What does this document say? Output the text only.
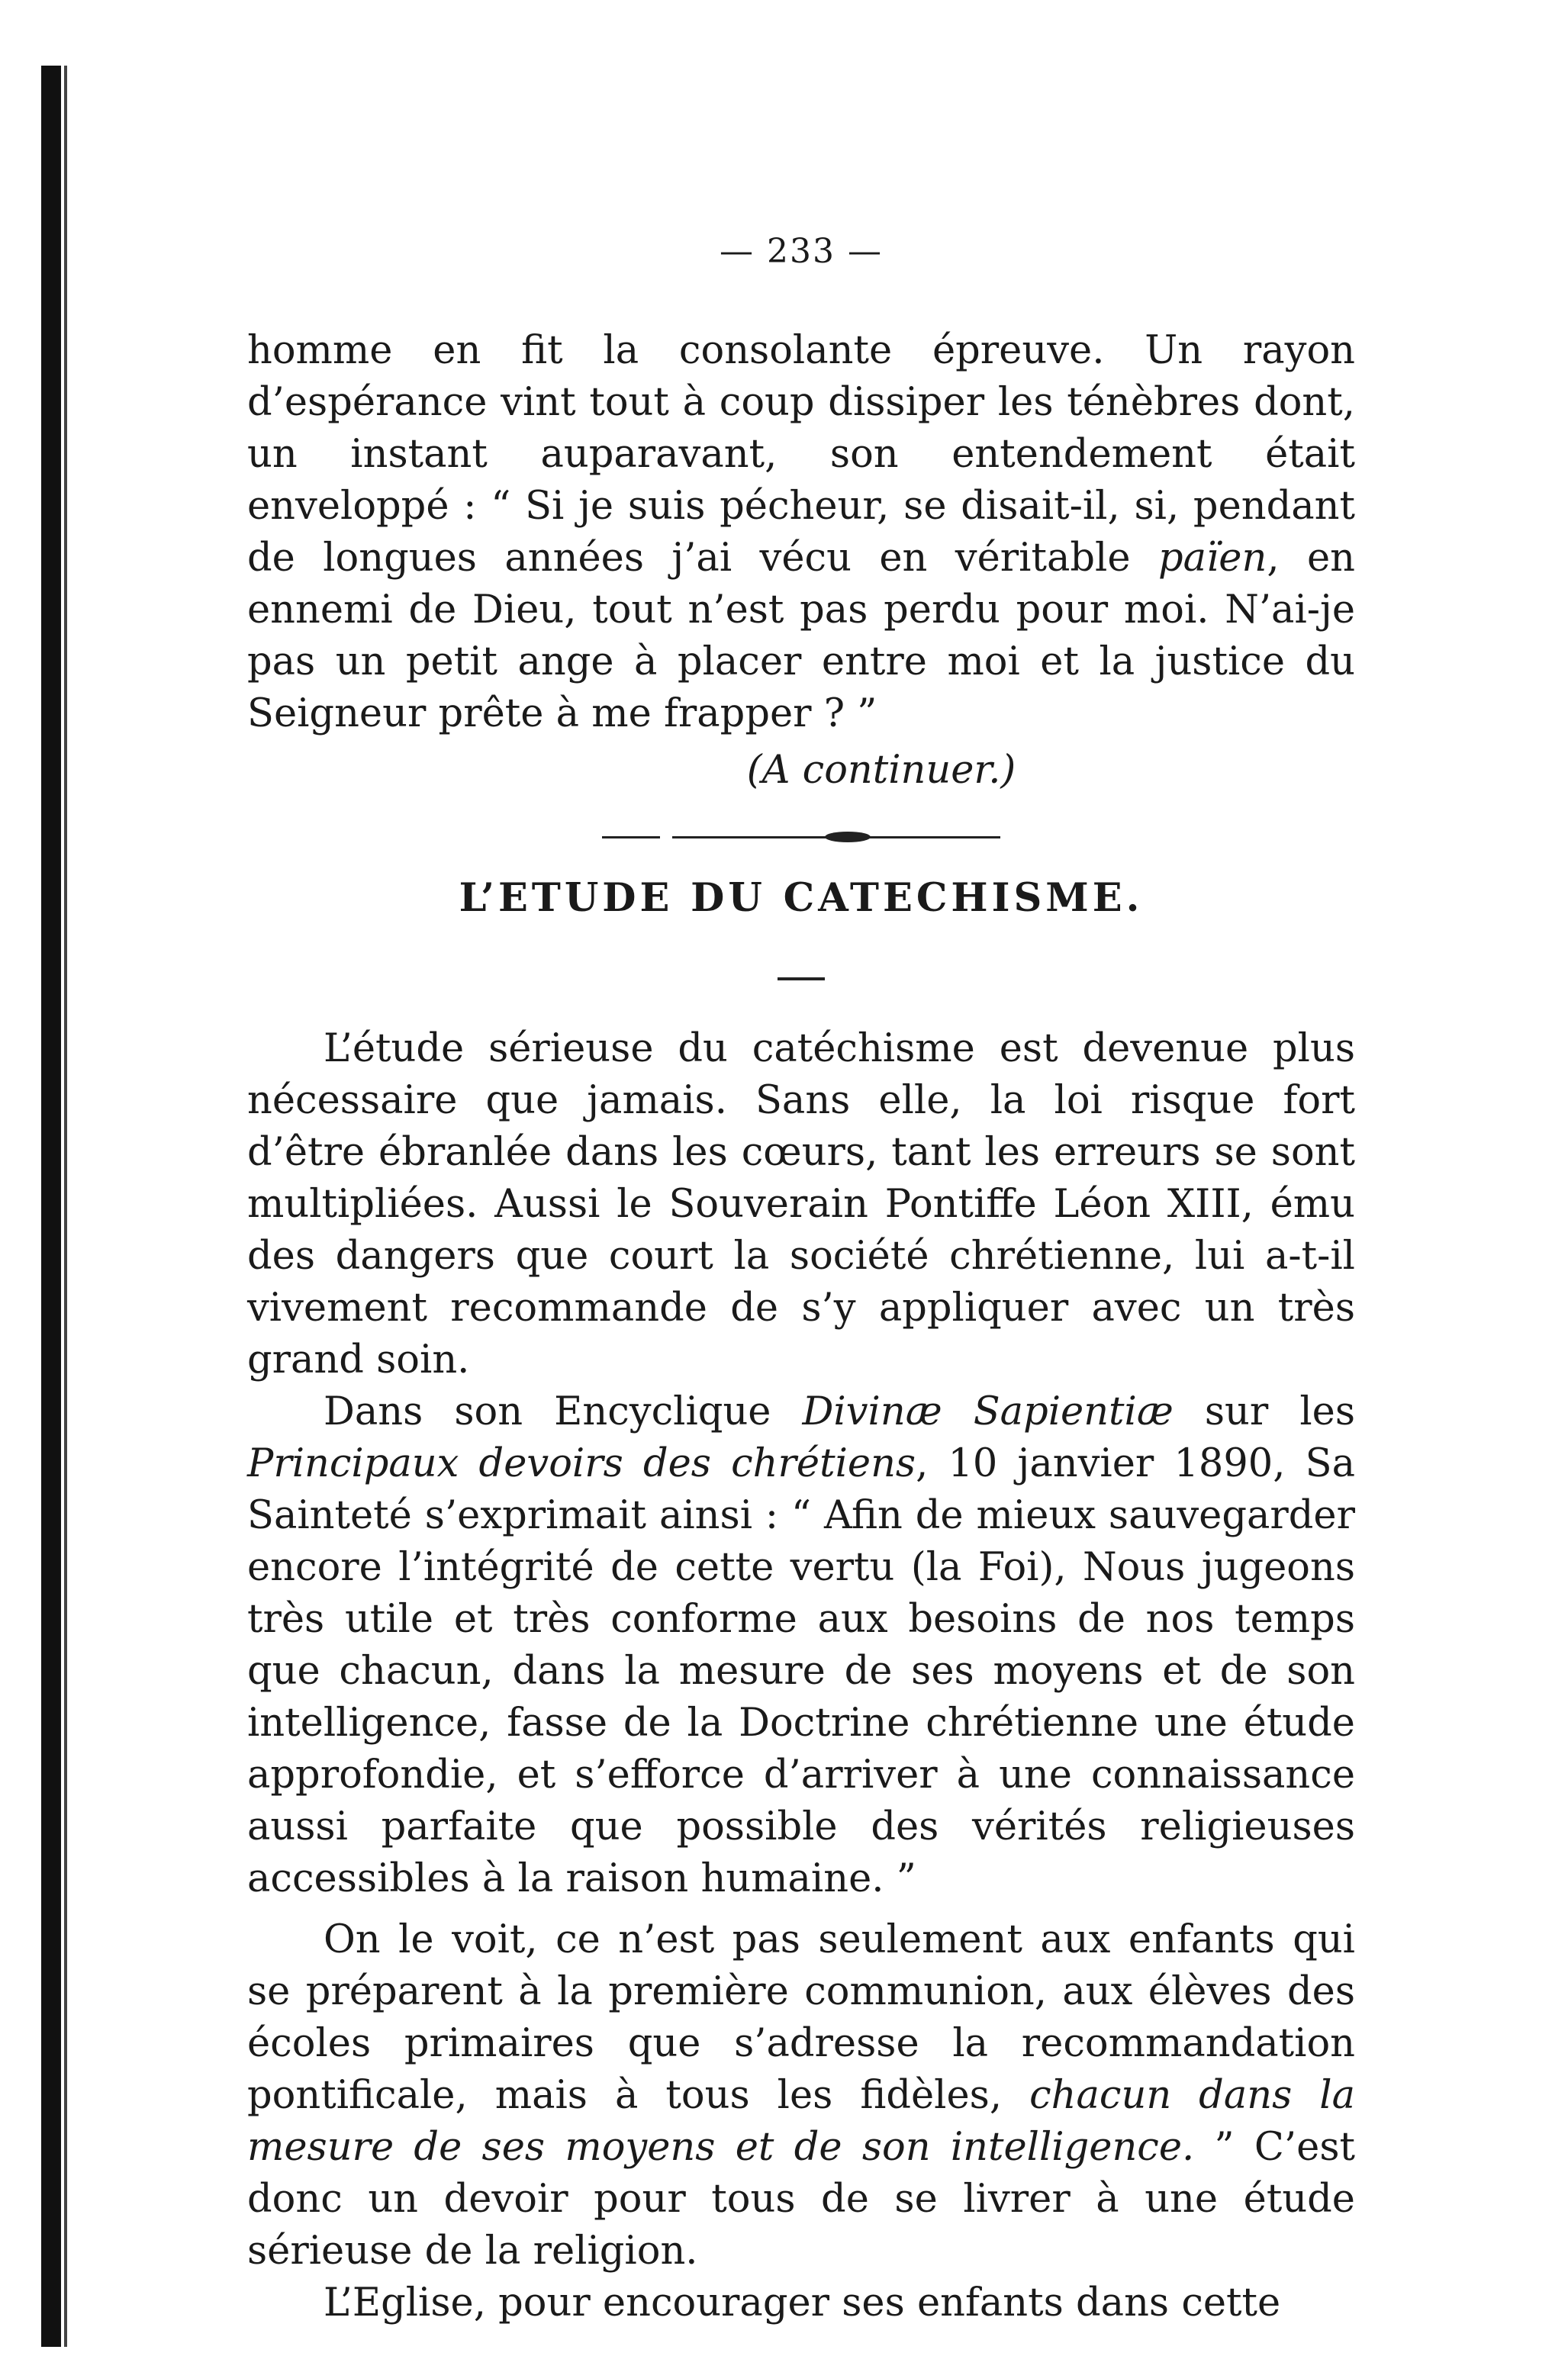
— 233 —

homme en fit la consolante épreuve. Un rayon d’espérance vint tout à coup dissiper les ténèbres dont, un instant auparavant, son entendement était enveloppé : “ Si je suis pécheur, se disait-il, si, pendant de longues années j’ai vécu en véritable païen, en ennemi de Dieu, tout n’est pas perdu pour moi. N’ai-je pas un petit ange à placer entre moi et la justice du Seigneur prête à me frapper ? ”

(A continuer.)
L’ETUDE DU CATECHISME.

L’étude sérieuse du catéchisme est devenue plus nécessaire que jamais. Sans elle, la loi risque fort d’être ébranlée dans les cœurs, tant les erreurs se sont multipliées. Aussi le Souverain Pontiffe Léon XIII, ému des dangers que court la société chrétienne, lui a-t-il vivement recommande de s’y appliquer avec un très grand soin.

Dans son Encyclique Divinæ Sapientiæ sur les Principaux devoirs des chrétiens, 10 janvier 1890, Sa Sainteté s’exprimait ainsi : “ Afin de mieux sauvegarder encore l’intégrité de cette vertu (la Foi), Nous jugeons très utile et très conforme aux besoins de nos temps que chacun, dans la mesure de ses moyens et de son intelligence, fasse de la Doctrine chrétienne une étude approfondie, et s’efforce d’arriver à une connaissance aussi parfaite que possible des vérités religieuses accessibles à la raison humaine. ”

On le voit, ce n’est pas seulement aux enfants qui se préparent à la première communion, aux élèves des écoles primaires que s’adresse la recommandation pontificale, mais à tous les fidèles, chacun dans la mesure de ses moyens et de son intelligence. ” C’est donc un devoir pour tous de se livrer à une étude sérieuse de la religion.

L’Eglise, pour encourager ses enfants dans cette
